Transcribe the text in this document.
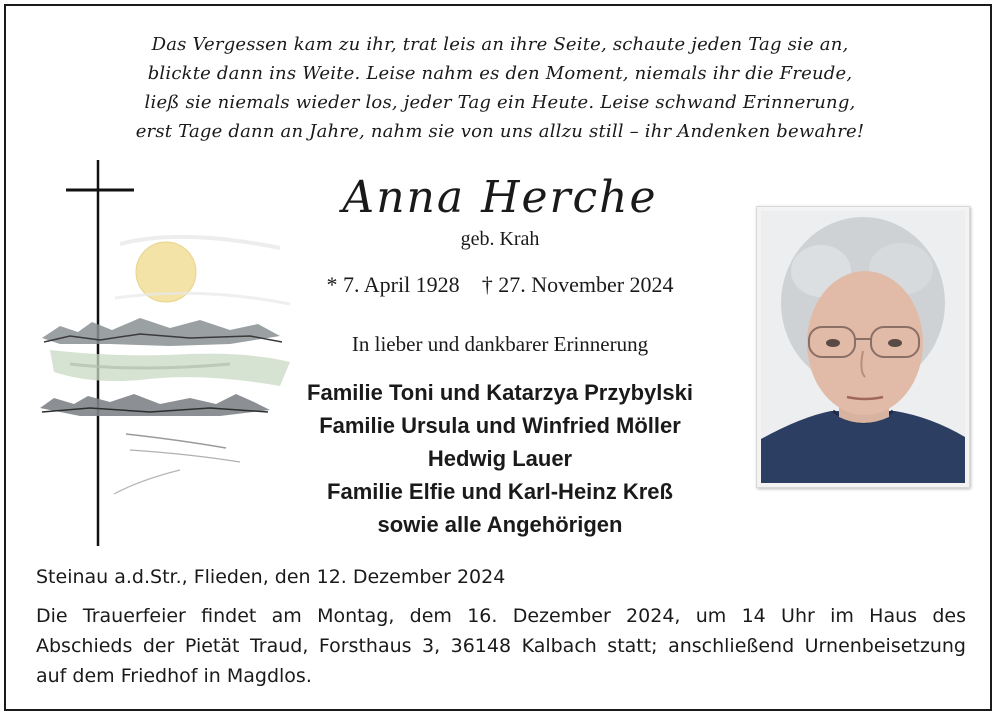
Das Vergessen kam zu ihr, trat leis an ihre Seite, schaute jeden Tag sie an,
blickte dann ins Weite. Leise nahm es den Moment, niemals ihr die Freude,
ließ sie niemals wieder los, jeder Tag ein Heute. Leise schwand Erinnerung,
erst Tage dann an Jahre, nahm sie von uns allzu still – ihr Andenken bewahre!
Anna Herche
geb. Krah
* 7. April 1928 † 27. November 2024
In lieber und dankbarer Erinnerung
Familie Toni und Katarzya Przybylski
Familie Ursula und Winfried Möller
Hedwig Lauer
Familie Elfie und Karl-Heinz Kreß
sowie alle Angehörigen
Steinau a.d.Str., Flieden, den 12. Dezember 2024
Die Trauerfeier findet am Montag, dem 16. Dezember 2024, um 14 Uhr im Haus des
Abschieds der Pietät Traud, Forsthaus 3, 36148 Kalbach statt; anschließend Urnenbeisetzung
auf dem Friedhof in Magdlos.
